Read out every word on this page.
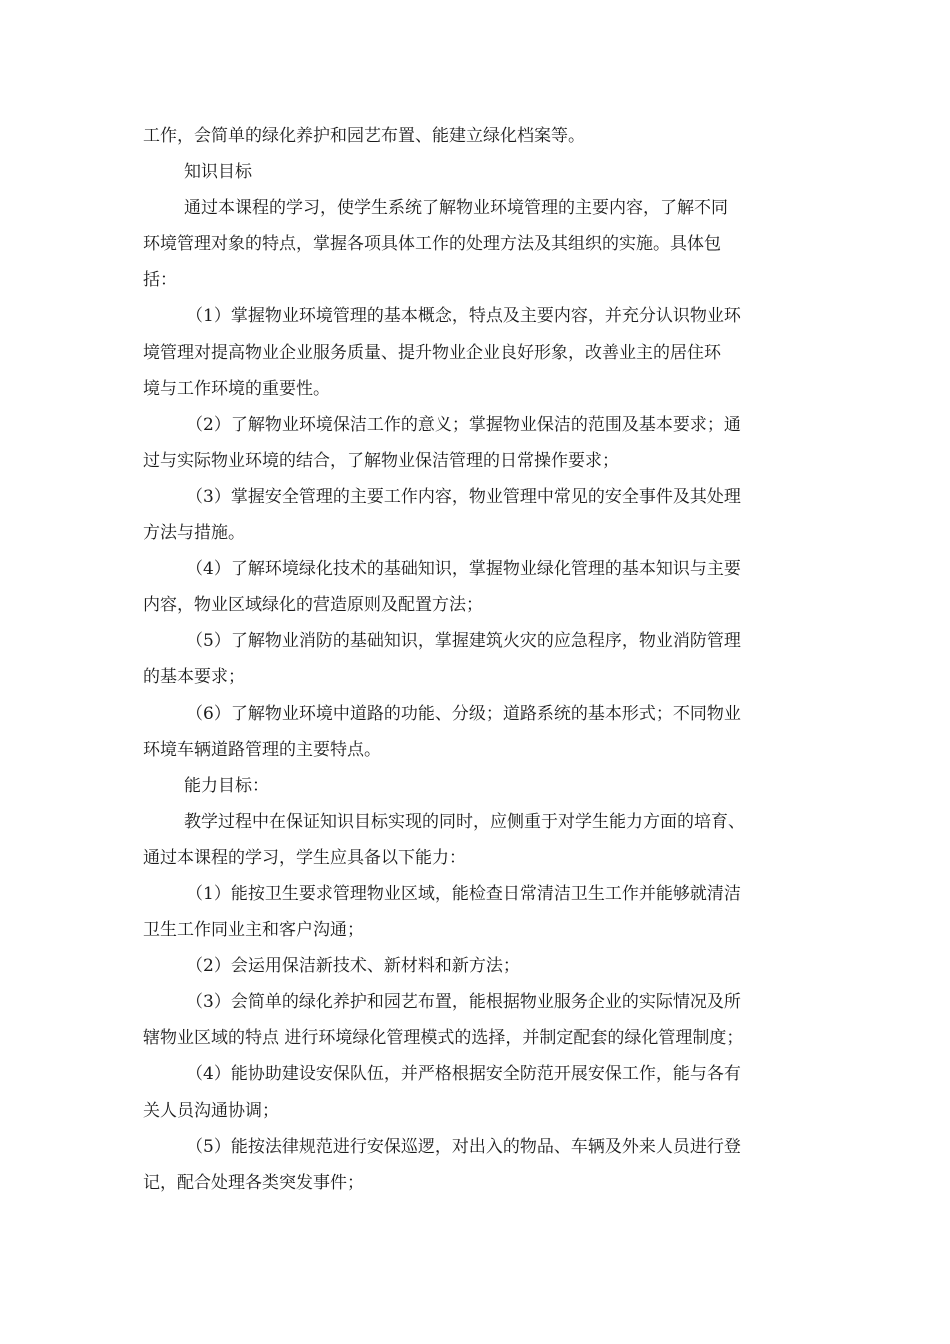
工作，会简单的绿化养护和园艺布置、能建立绿化档案等。
知识目标
通过本课程的学习，使学生系统了解物业环境管理的主要内容，了解不同
环境管理对象的特点，掌握各项具体工作的处理方法及其组织的实施。具体包
括：
（1）掌握物业环境管理的基本概念，特点及主要内容，并充分认识物业环
境管理对提高物业企业服务质量、提升物业企业良好形象，改善业主的居住环
境与工作环境的重要性。
（2）了解物业环境保洁工作的意义；掌握物业保洁的范围及基本要求；通
过与实际物业环境的结合，了解物业保洁管理的日常操作要求；
（3）掌握安全管理的主要工作内容，物业管理中常见的安全事件及其处理
方法与措施。
（4）了解环境绿化技术的基础知识，掌握物业绿化管理的基本知识与主要
内容，物业区域绿化的营造原则及配置方法；
（5）了解物业消防的基础知识，掌握建筑火灾的应急程序，物业消防管理
的基本要求；
（6）了解物业环境中道路的功能、分级；道路系统的基本形式；不同物业
环境车辆道路管理的主要特点。
能力目标：
教学过程中在保证知识目标实现的同时，应侧重于对学生能力方面的培育、
通过本课程的学习，学生应具备以下能力：
（1）能按卫生要求管理物业区域，能检查日常清洁卫生工作并能够就清洁
卫生工作同业主和客户沟通；
（2）会运用保洁新技术、新材料和新方法；
（3）会简单的绿化养护和园艺布置，能根据物业服务企业的实际情况及所
辖物业区域的特点 进行环境绿化管理模式的选择，并制定配套的绿化管理制度；
（4）能协助建设安保队伍，并严格根据安全防范开展安保工作，能与各有
关人员沟通协调；
（5）能按法律规范进行安保巡逻，对出入的物品、车辆及外来人员进行登
记，配合处理各类突发事件；
